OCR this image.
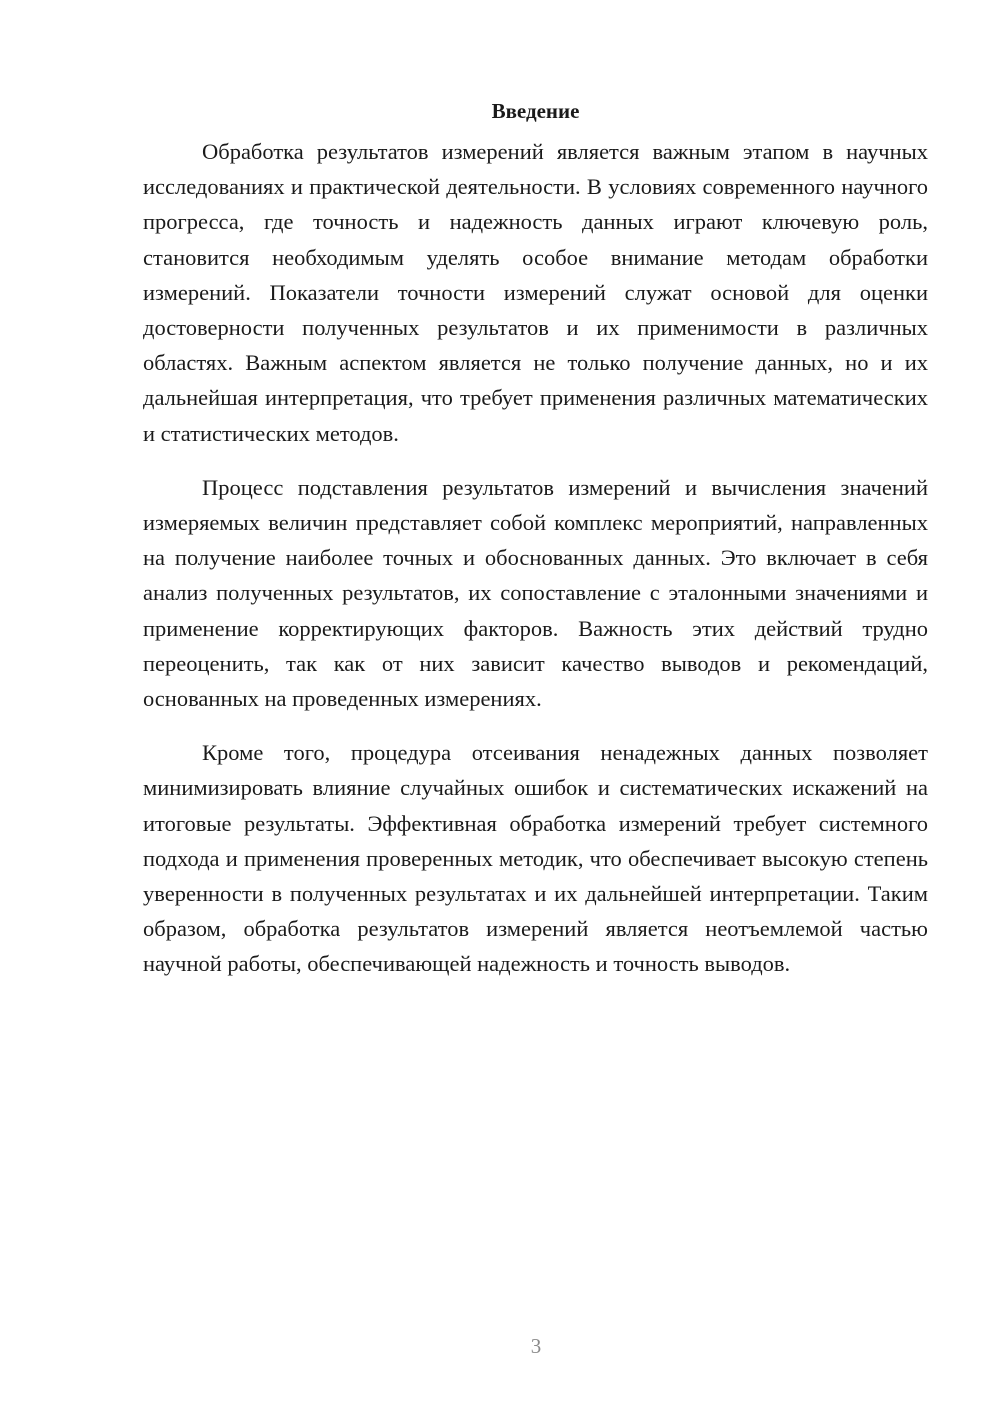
Введение

Обработка результатов измерений является важным этапом в научных исследованиях и практической деятельности. В условиях современного научного прогресса, где точность и надежность данных играют ключевую роль, становится необходимым уделять особое внимание методам обработки измерений. Показатели точности измерений служат основой для оценки достоверности полученных результатов и их применимости в различных областях. Важным аспектом является не только получение данных, но и их дальнейшая интерпретация, что требует применения различных математических и статистических методов.

Процесс подставления результатов измерений и вычисления значений измеряемых величин представляет собой комплекс мероприятий, направленных на получение наиболее точных и обоснованных данных. Это включает в себя анализ полученных результатов, их сопоставление с эталонными значениями и применение корректирующих факторов. Важность этих действий трудно переоценить, так как от них зависит качество выводов и рекомендаций, основанных на проведенных измерениях.

Кроме того, процедура отсеивания ненадежных данных позволяет минимизировать влияние случайных ошибок и систематических искажений на итоговые результаты. Эффективная обработка измерений требует системного подхода и применения проверенных методик, что обеспечивает высокую степень уверенности в полученных результатах и их дальнейшей интерпретации. Таким образом, обработка результатов измерений является неотъемлемой частью научной работы, обеспечивающей надежность и точность выводов.

3
